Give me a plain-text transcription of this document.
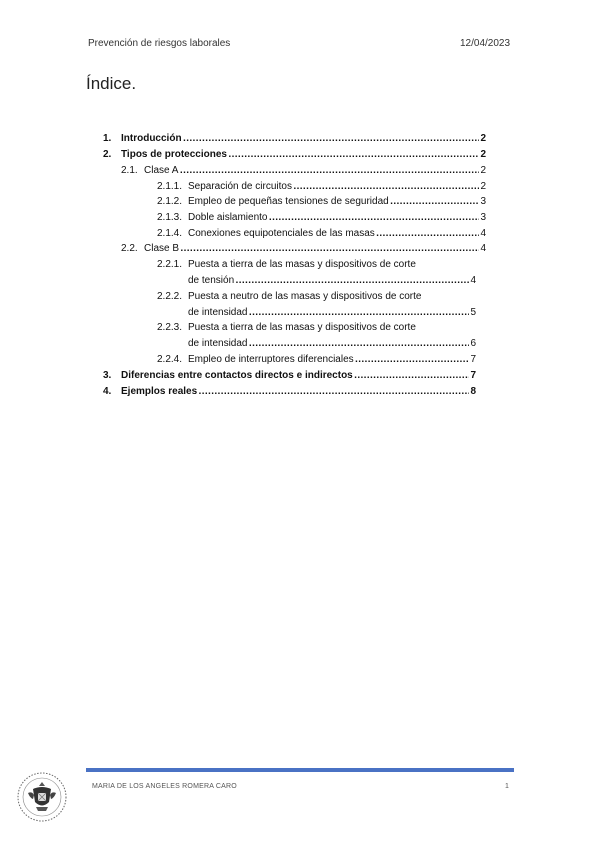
Prevención de riesgos laborales	12/04/2023
Índice.
1. Introducción …………………………………………………………………………………………………………………………………………………	2
2. Tipos de protecciones …………………………………………………………………………………………………………………………………………………	2
2.1. Clase A …………………………………………………………………………………………………………………………………………………	2
2.1.1. Separación de circuitos …………………………………………………………………………………………………………………………………………………	2
2.1.2. Empleo de pequeñas tensiones de seguridad …………………………………………………………………………………………………………………………………………………	3
2.1.3. Doble aislamiento …………………………………………………………………………………………………………………………………………………	3
2.1.4. Conexiones equipotenciales de las masas …………………………………………………………………………………………………………………………………………………	4
2.2. Clase B …………………………………………………………………………………………………………………………………………………	4
2.2.1. Puesta a tierra de las masas y dispositivos de corte
de tensión …………………………………………………………………………………………………………………………………………………	4
2.2.2. Puesta a neutro de las masas y dispositivos de corte
de intensidad …………………………………………………………………………………………………………………………………………………	5
2.2.3. Puesta a tierra de las masas y dispositivos de corte
de intensidad …………………………………………………………………………………………………………………………………………………	6
2.2.4. Empleo de interruptores diferenciales …………………………………………………………………………………………………………………………………………………	7
3. Diferencias entre contactos directos e indirectos …………………………………………………………………………………………………………………………………………………	7
4. Ejemplos reales …………………………………………………………………………………………………………………………………………………	8
MARIA DE LOS ANGELES ROMERA CARO	1
